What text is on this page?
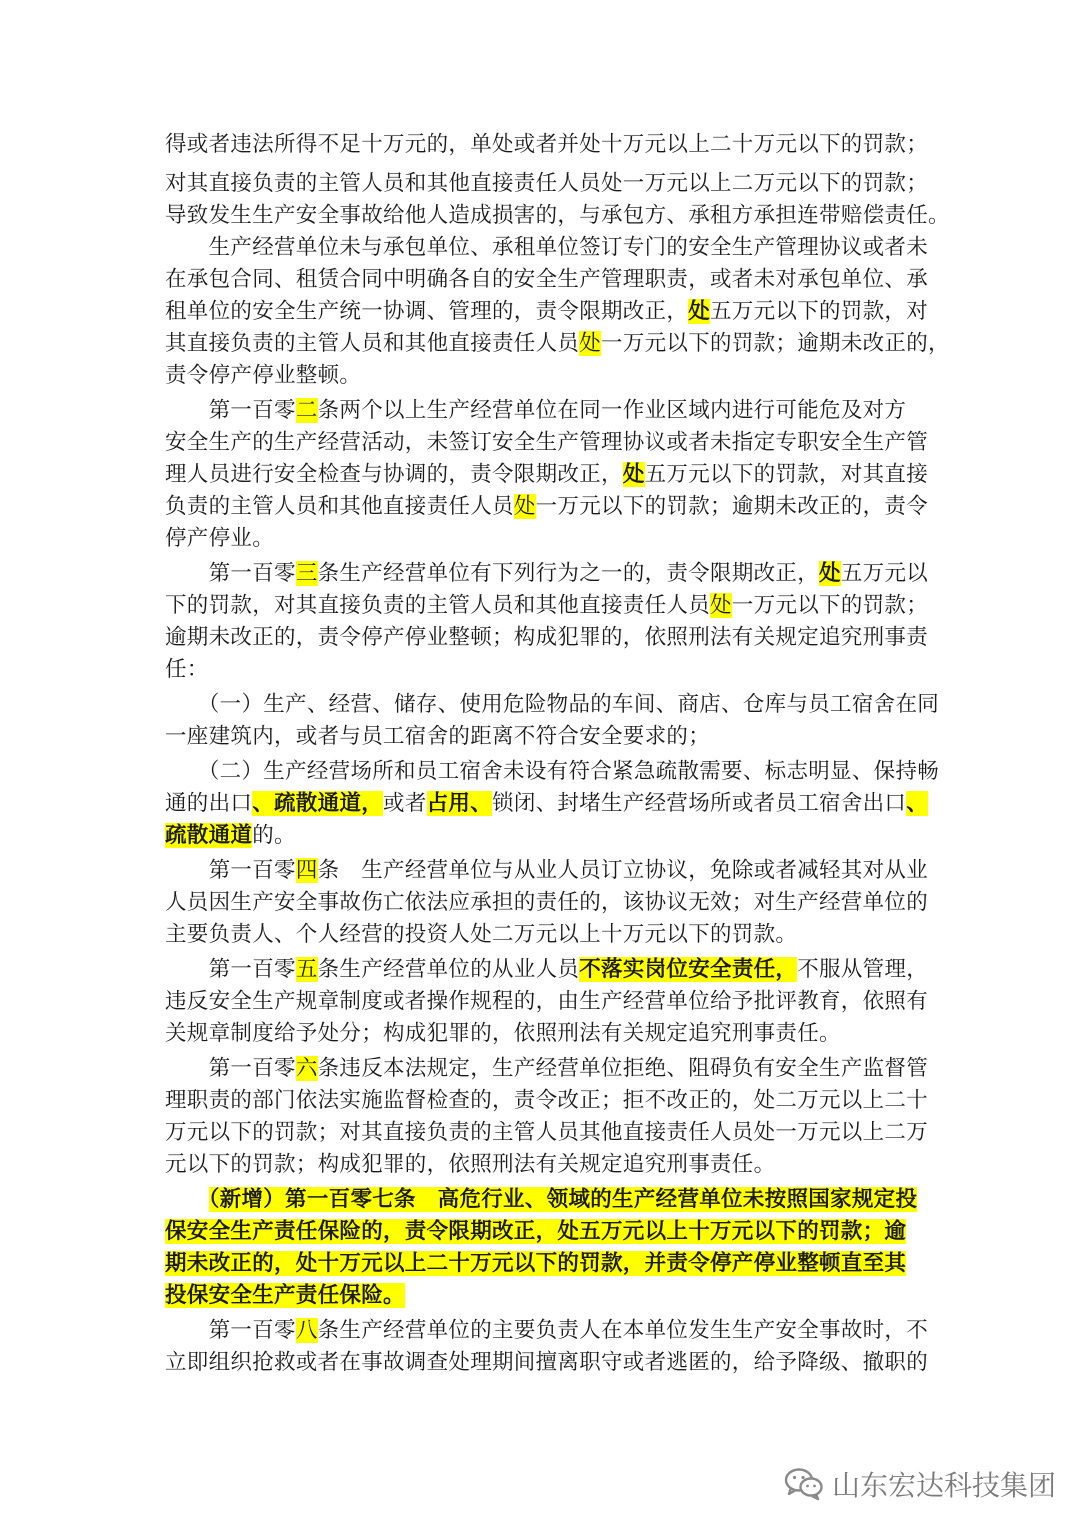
得或者违法所得不足十万元的，单处或者并处十万元以上二十万元以下的罚款；
对其直接负责的主管人员和其他直接责任人员处一万元以上二万元以下的罚款；
导致发生生产安全事故给他人造成损害的，与承包方、承租方承担连带赔偿责任。
　　生产经营单位未与承包单位、承租单位签订专门的安全生产管理协议或者未
在承包合同、租赁合同中明确各自的安全生产管理职责，或者未对承包单位、承
租单位的安全生产统一协调、管理的，责令限期改正，处五万元以下的罚款，对
其直接负责的主管人员和其他直接责任人员处一万元以下的罚款；逾期未改正的，
责令停产停业整顿。
　　第一百零二条两个以上生产经营单位在同一作业区域内进行可能危及对方
安全生产的生产经营活动，未签订安全生产管理协议或者未指定专职安全生产管
理人员进行安全检查与协调的，责令限期改正，处五万元以下的罚款，对其直接
负责的主管人员和其他直接责任人员处一万元以下的罚款；逾期未改正的，责令
停产停业。
　　第一百零三条生产经营单位有下列行为之一的，责令限期改正，处五万元以
下的罚款，对其直接负责的主管人员和其他直接责任人员处一万元以下的罚款；
逾期未改正的，责令停产停业整顿；构成犯罪的，依照刑法有关规定追究刑事责
任：
　　（一）生产、经营、储存、使用危险物品的车间、商店、仓库与员工宿舍在同
一座建筑内，或者与员工宿舍的距离不符合安全要求的；
　　（二）生产经营场所和员工宿舍未设有符合紧急疏散需要、标志明显、保持畅
通的出口、疏散通道，或者占用、锁闭、封堵生产经营场所或者员工宿舍出口、
疏散通道的。
　　第一百零四条　生产经营单位与从业人员订立协议，免除或者减轻其对从业
人员因生产安全事故伤亡依法应承担的责任的，该协议无效；对生产经营单位的
主要负责人、个人经营的投资人处二万元以上十万元以下的罚款。
　　第一百零五条生产经营单位的从业人员不落实岗位安全责任，不服从管理，
违反安全生产规章制度或者操作规程的，由生产经营单位给予批评教育，依照有
关规章制度给予处分；构成犯罪的，依照刑法有关规定追究刑事责任。
　　第一百零六条违反本法规定，生产经营单位拒绝、阻碍负有安全生产监督管
理职责的部门依法实施监督检查的，责令改正；拒不改正的，处二万元以上二十
万元以下的罚款；对其直接负责的主管人员其他直接责任人员处一万元以上二万
元以下的罚款；构成犯罪的，依照刑法有关规定追究刑事责任。
　　（新增）第一百零七条　高危行业、领域的生产经营单位未按照国家规定投
保安全生产责任保险的，责令限期改正，处五万元以上十万元以下的罚款；逾
期未改正的，处十万元以上二十万元以下的罚款，并责令停产停业整顿直至其
投保安全生产责任保险。
　　第一百零八条生产经营单位的主要负责人在本单位发生生产安全事故时，不
立即组织抢救或者在事故调查处理期间擅离职守或者逃匿的，给予降级、撤职的
山东宏达科技集团
